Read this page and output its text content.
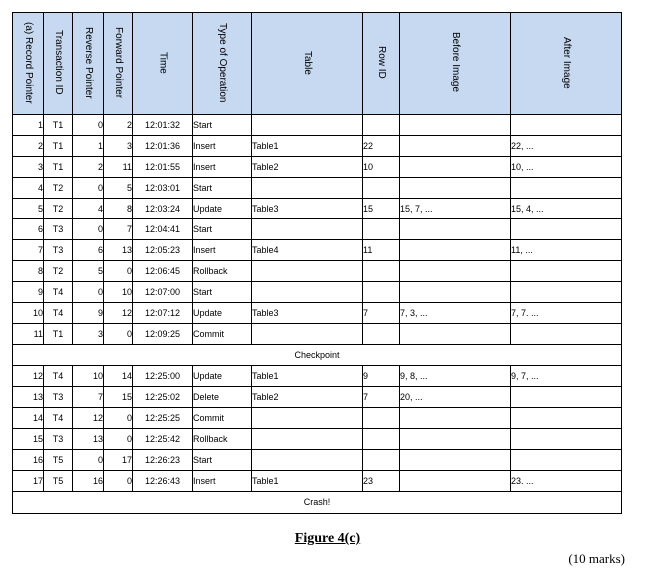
(a) Record Pointer	Transaction ID	Reverse Pointer	Forward Pointer	Time	Type of Operation	Table	Row ID	Before Image	After Image
1	T1	0	2	12:01:32	Start				
2	T1	1	3	12:01:36	Insert	Table1	22		22, ...
3	T1	2	11	12:01:55	Insert	Table2	10		10, ...
4	T2	0	5	12:03:01	Start				
5	T2	4	8	12:03:24	Update	Table3	15	15, 7, ...	15, 4, ...
6	T3	0	7	12:04:41	Start				
7	T3	6	13	12:05:23	Insert	Table4	11		11, ...
8	T2	5	0	12:06:45	Rollback				
9	T4	0	10	12:07:00	Start				
10	T4	9	12	12:07:12	Update	Table3	7	7, 3, ...	7, 7. ...
11	T1	3	0	12:09:25	Commit				
Checkpoint									
12	T4	10	14	12:25:00	Update	Table1	9	9, 8, ...	9, 7, ...
13	T3	7	15	12:25:02	Delete	Table2	7	20, ...	
14	T4	12	0	12:25:25	Commit				
15	T3	13	0	12:25:42	Rollback				
16	T5	0	17	12:26:23	Start				
17	T5	16	0	12:26:43	Insert	Table1	23		23. ...
Crash!									
Figure 4(c)
(10 marks)
